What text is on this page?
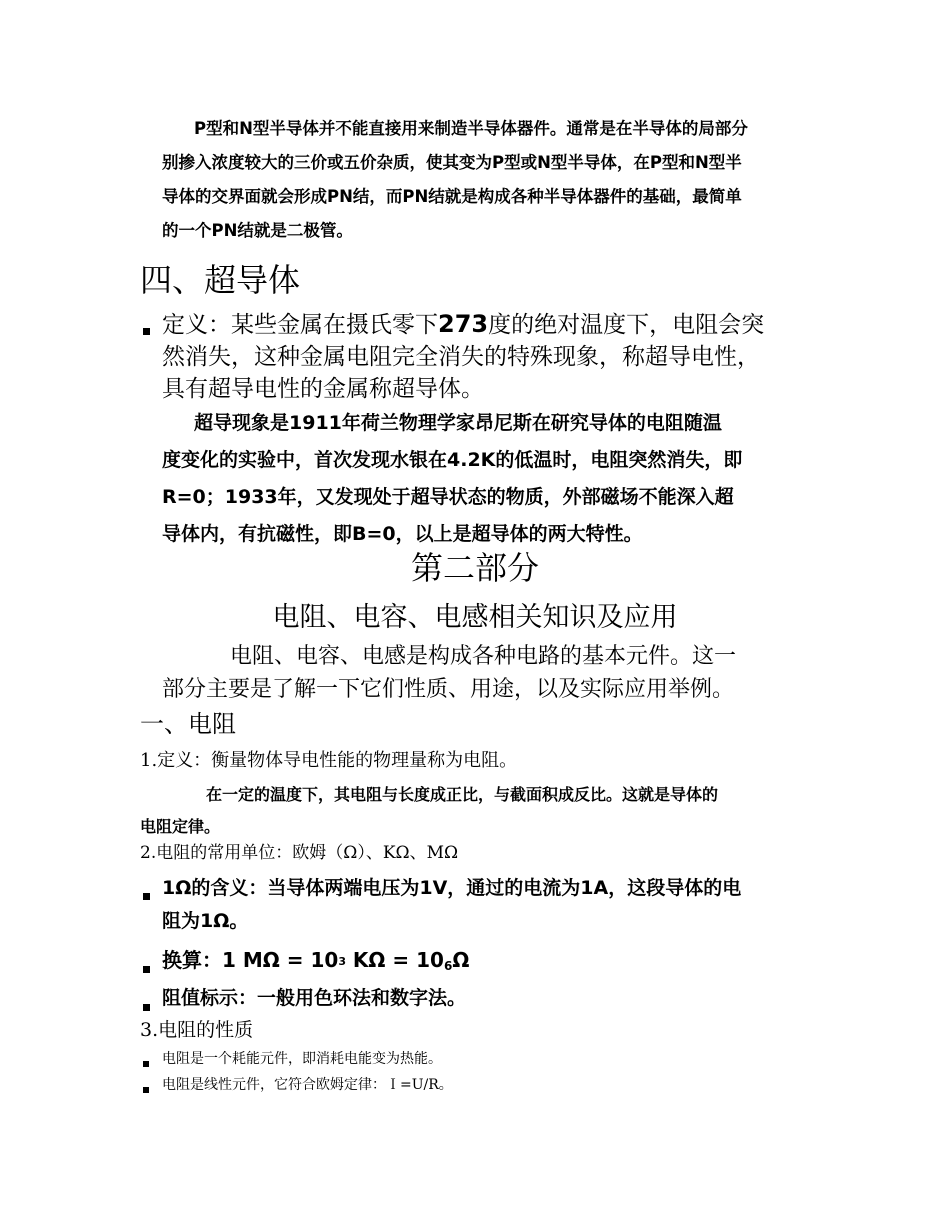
P型和N型半导体并不能直接用来制造半导体器件。通常是在半导体的局部分
别掺入浓度较大的三价或五价杂质，使其变为P型或N型半导体，在P型和N型半
导体的交界面就会形成PN结，而PN结就是构成各种半导体器件的基础，最简单
的一个PN结就是二极管。
四、超导体
定义：某些金属在摄氏零下273度的绝对温度下，电阻会突
然消失，这种金属电阻完全消失的特殊现象，称超导电性，
具有超导电性的金属称超导体。
超导现象是1911年荷兰物理学家昂尼斯在研究导体的电阻随温
度变化的实验中，首次发现水银在4.2K的低温时，电阻突然消失，即
R=0；1933年，又发现处于超导状态的物质，外部磁场不能深入超
导体内，有抗磁性，即B=0，以上是超导体的两大特性。
第二部分
电阻、电容、电感相关知识及应用
电阻、电容、电感是构成各种电路的基本元件。这一
部分主要是了解一下它们性质、用途，以及实际应用举例。
一、电阻
1.定义：衡量物体导电性能的物理量称为电阻。
在一定的温度下，其电阻与长度成正比，与截面积成反比。这就是导体的
电阻定律。
2.电阻的常用单位：欧姆（Ω）、KΩ、MΩ
1Ω的含义：当导体两端电压为1V，通过的电流为1A，这段导体的电
阻为1Ω。
换算：1 $M\Omega = 10^3$ $K\Omega = 10_6\Omega$
阻值标示：一般用色环法和数字法。
3.电阻的性质
电阻是一个耗能元件，即消耗电能变为热能。
电阻是线性元件，它符合欧姆定律：Ｉ=U/R。
